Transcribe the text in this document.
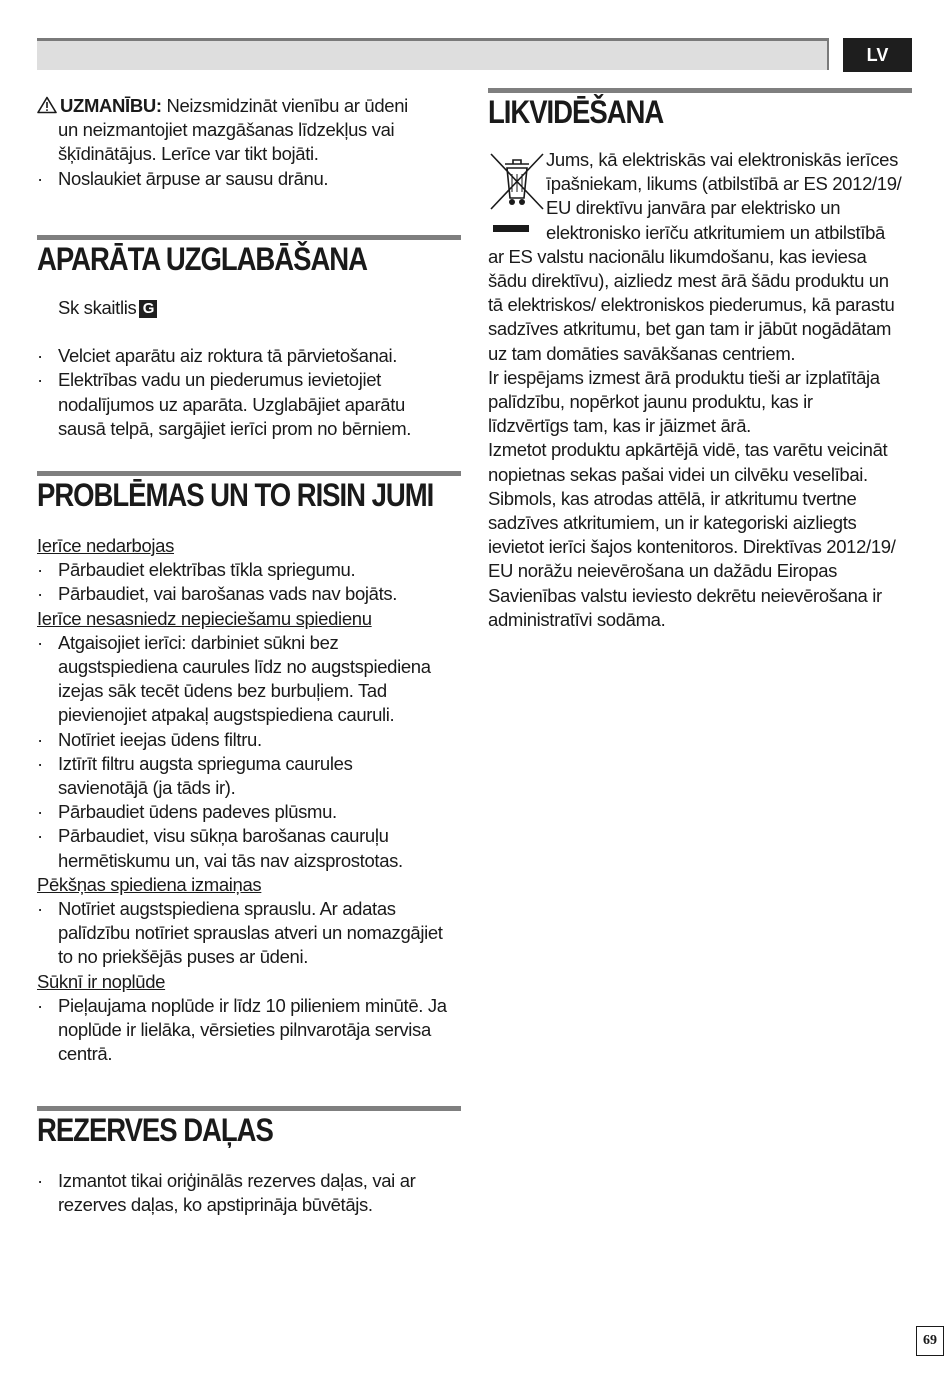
LV
UZMANĪBU: Neizsmidzināt vienību ar ūdeni
un neizmantojiet mazgāšanas līdzekļus vai
šķīdinātājus. Lerīce var tikt bojāti.
· Noslaukiet ārpuse ar sausu drānu.
APARĀTA UZGLABĀŠANA
Sk skaitlis G
· Velciet aparātu aiz roktura tā pārvietošanai.
· Elektrības vadu un piederumus ievietojiet
nodalījumos uz aparāta. Uzglabājiet aparātu
sausā telpā, sargājiet ierīci prom no bērniem.
PROBLĒMAS UN TO RISIN JUMI
Ierīce nedarbojas
· Pārbaudiet elektrības tīkla spriegumu.
· Pārbaudiet, vai barošanas vads nav bojāts.
Ierīce nesasniedz nepieciešamu spiedienu
· Atgaisojiet ierīci: darbiniet sūkni bez
augstspiediena caurules līdz no augstspiediena
izejas sāk tecēt ūdens bez burbuļiem. Tad
pievienojiet atpakaļ augstspiediena cauruli.
· Notīriet ieejas ūdens filtru.
· Iztīrīt filtru augsta sprieguma caurules
savienotājā (ja tāds ir).
· Pārbaudiet ūdens padeves plūsmu.
· Pārbaudiet, visu sūkņa barošanas cauruļu
hermētiskumu un, vai tās nav aizsprostotas.
Pēkšņas spiediena izmaiņas
· Notīriet augstspiediena sprauslu. Ar adatas
palīdzību notīriet sprauslas atveri un nomazgājiet
to no priekšējās puses ar ūdeni.
Sūknī ir noplūde
· Pieļaujama noplūde ir līdz 10 pilieniem minūtē. Ja
noplūde ir lielāka, vērsieties pilnvarotāja servisa
centrā.
REZERVES DAĻAS
· Izmantot tikai oriģinālās rezerves daļas, vai ar
rezerves daļas, ko apstiprināja būvētājs.
LIKVIDĒŠANA
Jums, kā elektriskās vai elektroniskās ierīces
īpašniekam, likums (atbilstībā ar ES 2012/19/
EU direktīvu janvāra par elektrisko un
elektronisko ierīču atkritumiem un atbilstībā
ar ES valstu nacionālu likumdošanu, kas ieviesa
šādu direktīvu), aizliedz mest ārā šādu produktu un
tā elektriskos/ elektroniskos piederumus, kā parastu
sadzīves atkritumu, bet gan tam ir jābūt nogādātam
uz tam domāties savākšanas centriem.
Ir iespējams izmest ārā produktu tieši ar izplatītāja
palīdzību, nopērkot jaunu produktu, kas ir
līdzvērtīgs tam, kas ir jāizmet ārā.
Izmetot produktu apkārtējā vidē, tas varētu veicināt
nopietnas sekas pašai videi un cilvēku veselībai.
Sibmols, kas atrodas attēlā, ir atkritumu tvertne
sadzīves atkritumiem, un ir kategoriski aizliegts
ievietot ierīci šajos kontenitoros. Direktīvas 2012/19/
EU norāžu neievērošana un dažādu Eiropas
Savienības valstu ieviesto dekrētu neievērošana ir
administratīvi sodāma.
69
